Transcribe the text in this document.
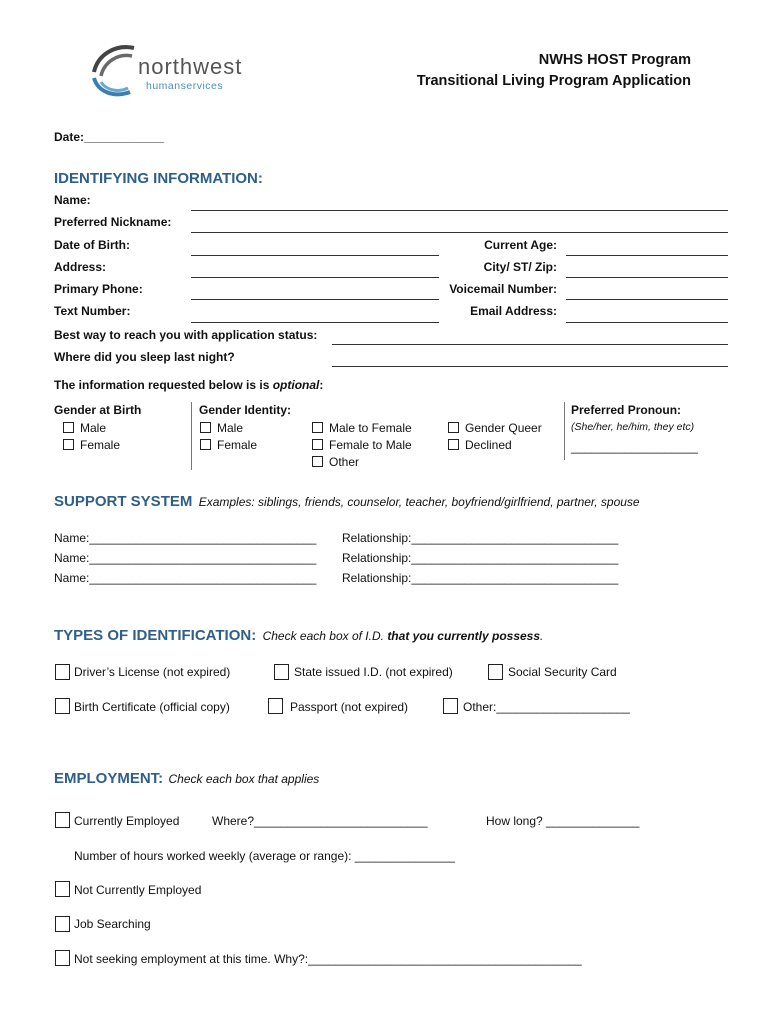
northwest
humanservices
NWHS HOST Program
Transitional Living Program Application
Date:____________
IDENTIFYING INFORMATION:
Name:
Preferred Nickname:
Date of Birth:	Current Age:
Address:	City/ ST/ Zip:
Primary Phone:	Voicemail Number:
Text Number:	Email Address:
Best way to reach you with application status:
Where did you sleep last night?
The information requested below is is optional:
Gender at Birth
Male
Female
Gender Identity:
Male
Female
Male to Female
Female to Male
Other
Gender Queer
Declined
Preferred Pronoun:
(She/her, he/him, they etc)
___________________
SUPPORT SYSTEM Examples: siblings, friends, counselor, teacher, boyfriend/girlfriend, partner, spouse
Name:__________________________________ Relationship:_______________________________
Name:__________________________________ Relationship:_______________________________
Name:__________________________________ Relationship:_______________________________
TYPES OF IDENTIFICATION: Check each box of I.D. that you currently possess.
Driver’s License (not expired)	State issued I.D. (not expired)	Social Security Card
Birth Certificate (official copy)	Passport (not expired)	Other:____________________
EMPLOYMENT: Check each box that applies
Currently Employed	Where?__________________________	How long? ______________
Number of hours worked weekly (average or range): _______________
Not Currently Employed
Job Searching
Not seeking employment at this time. Why?:_________________________________________
